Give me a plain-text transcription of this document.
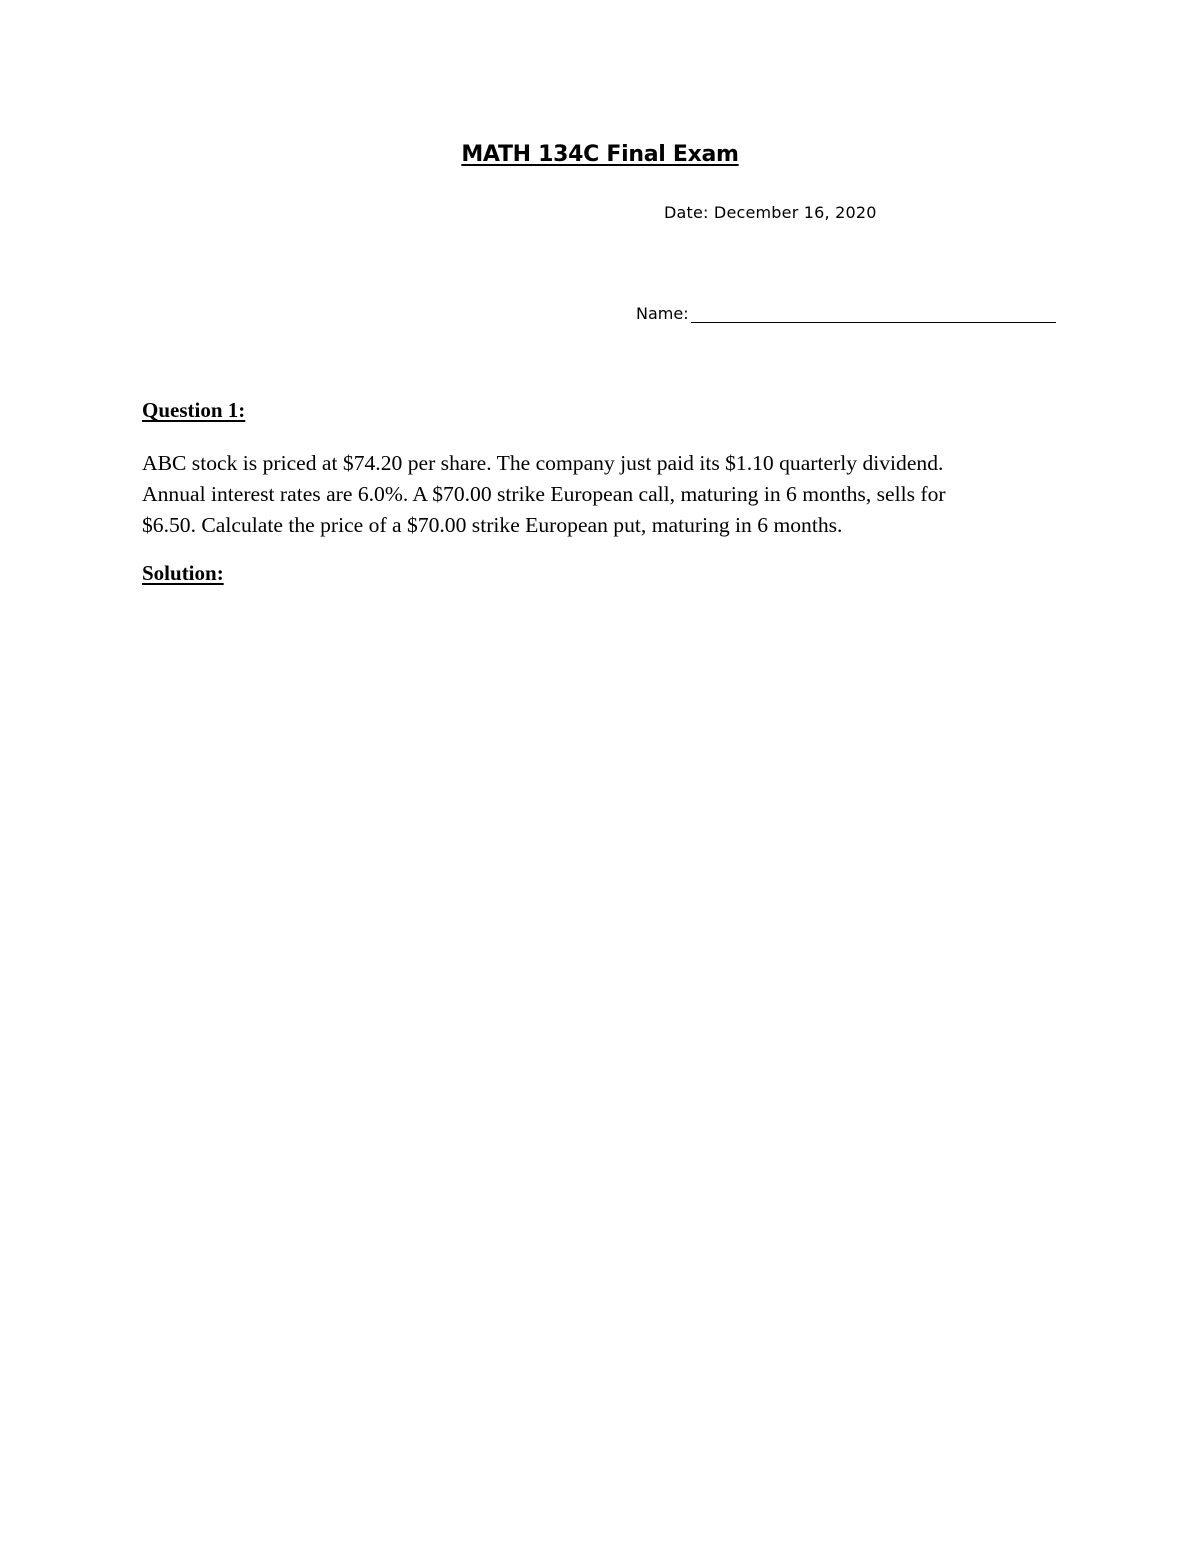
MATH 134C Final Exam
Date: December 16, 2020
Name:
Question 1:
ABC stock is priced at $74.20 per share. The company just paid its $1.10 quarterly dividend.
Annual interest rates are 6.0%. A $70.00 strike European call, maturing in 6 months, sells for
$6.50. Calculate the price of a $70.00 strike European put, maturing in 6 months.
Solution:
